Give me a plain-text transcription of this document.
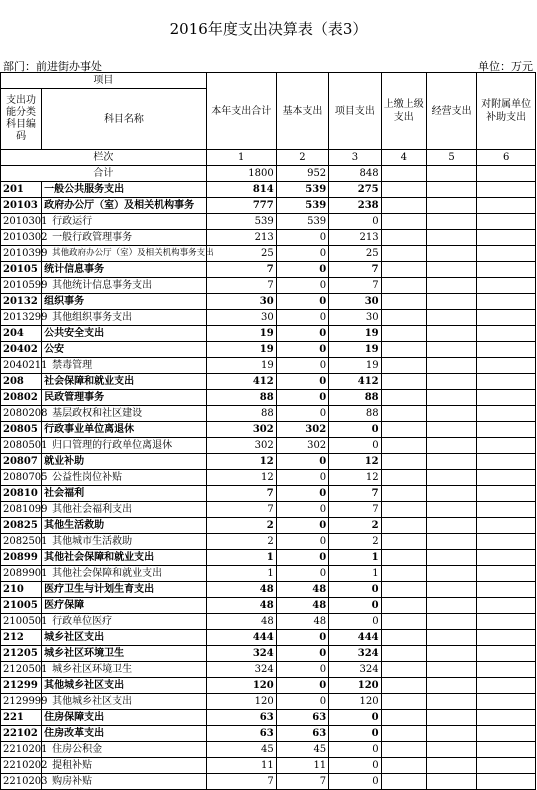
2016年度支出决算表（表3）
部门：前进街办事处	单位：万元
项目		本年支出合计	基本支出	项目支出	上缴上级支出	经营支出	对附属单位补助支出
支出功能分类科目编码	科目名称						

栏次		1	2	3	4	5	6
合计		1800	952	848			
201	一般公共服务支出	814	539	275			
20103	政府办公厅（室）及相关机构事务	777	539	238			
2010301	行政运行	539	539	0			
2010302	一般行政管理事务	213	0	213			
2010399	其他政府办公厅（室）及相关机构事务支出	25	0	25			
20105	统计信息事务	7	0	7			
2010599	其他统计信息事务支出	7	0	7			
20132	组织事务	30	0	30			
2013299	其他组织事务支出	30	0	30			
204	公共安全支出	19	0	19			
20402	公安	19	0	19			
2040211	禁毒管理	19	0	19			
208	社会保障和就业支出	412	0	412			
20802	民政管理事务	88	0	88			
2080208	基层政权和社区建设	88	0	88			
20805	行政事业单位离退休	302	302	0			
2080501	归口管理的行政单位离退休	302	302	0			
20807	就业补助	12	0	12			
2080705	公益性岗位补贴	12	0	12			
20810	社会福利	7	0	7			
2081099	其他社会福利支出	7	0	7			
20825	其他生活救助	2	0	2			
2082501	其他城市生活救助	2	0	2			
20899	其他社会保障和就业支出	1	0	1			
2089901	其他社会保障和就业支出	1	0	1			
210	医疗卫生与计划生育支出	48	48	0			
21005	医疗保障	48	48	0			
2100501	行政单位医疗	48	48	0			
212	城乡社区支出	444	0	444			
21205	城乡社区环境卫生	324	0	324			
2120501	城乡社区环境卫生	324	0	324			
21299	其他城乡社区支出	120	0	120			
2129999	其他城乡社区支出	120	0	120			
221	住房保障支出	63	63	0			
22102	住房改革支出	63	63	0			
2210201	住房公积金	45	45	0			
2210202	提租补贴	11	11	0			
2210203	购房补贴	7	7	0			
